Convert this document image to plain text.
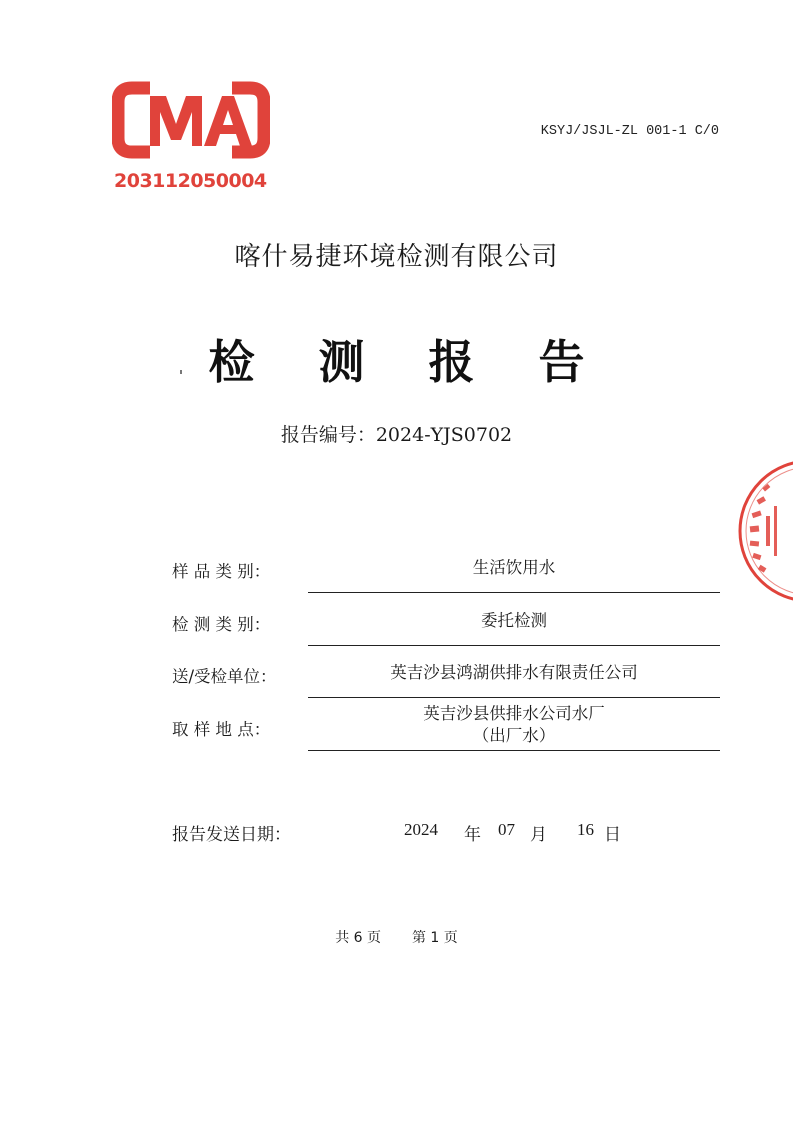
203112050004
KSYJ/JSJL-ZL 001-1 C/0
喀什易捷环境检测有限公司
检 测 报 告
报告编号：2024-YJS0702
样 品 类 别：	生活饮用水
检 测 类 别：	委托检测
送/受检单位：	英吉沙县鸿湖供排水有限责任公司
取 样 地 点：
英吉沙县供排水公司水厂
（出厂水）
报告发送日期：	2024 年 07 月 16 日
共 6 页 第 1 页
